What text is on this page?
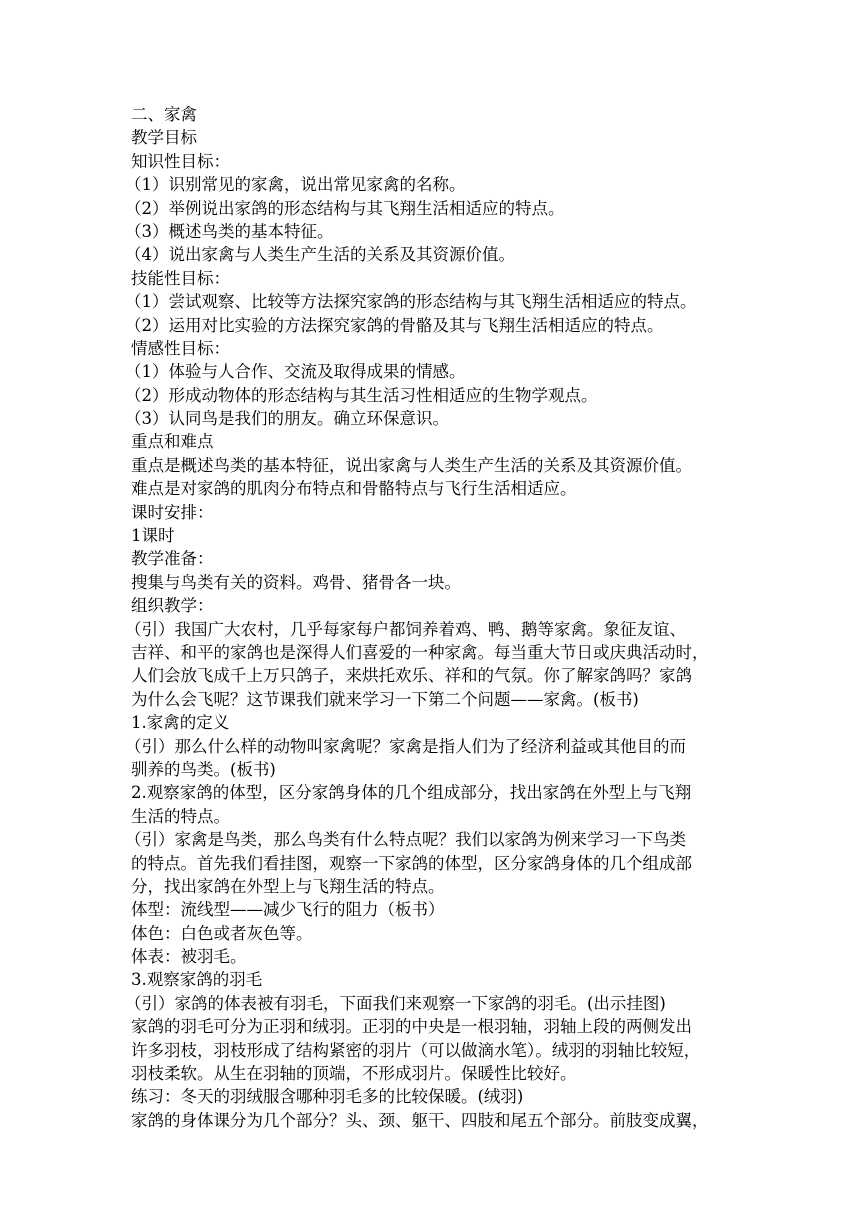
二、家禽
教学目标
知识性目标：
（1）识别常见的家禽，说出常见家禽的名称。
（2）举例说出家鸽的形态结构与其飞翔生活相适应的特点。
（3）概述鸟类的基本特征。
（4）说出家禽与人类生产生活的关系及其资源价值。
技能性目标：
（1）尝试观察、比较等方法探究家鸽的形态结构与其飞翔生活相适应的特点。
（2）运用对比实验的方法探究家鸽的骨骼及其与飞翔生活相适应的特点。
情感性目标：
（1）体验与人合作、交流及取得成果的情感。
（2）形成动物体的形态结构与其生活习性相适应的生物学观点。
（3）认同鸟是我们的朋友。确立环保意识。
重点和难点
重点是概述鸟类的基本特征，说出家禽与人类生产生活的关系及其资源价值。
难点是对家鸽的肌肉分布特点和骨骼特点与飞行生活相适应。
课时安排：
1课时
教学准备：
搜集与鸟类有关的资料。鸡骨、猪骨各一块。
组织教学：
（引）我国广大农村，几乎每家每户都饲养着鸡、鸭、鹅等家禽。象征友谊、
吉祥、和平的家鸽也是深得人们喜爱的一种家禽。每当重大节日或庆典活动时，
人们会放飞成千上万只鸽子，来烘托欢乐、祥和的气氛。你了解家鸽吗？家鸽
为什么会飞呢？这节课我们就来学习一下第二个问题——家禽。(板书)
1.家禽的定义
（引）那么什么样的动物叫家禽呢？家禽是指人们为了经济利益或其他目的而
驯养的鸟类。(板书)
2.观察家鸽的体型，区分家鸽身体的几个组成部分，找出家鸽在外型上与飞翔
生活的特点。
（引）家禽是鸟类，那么鸟类有什么特点呢？我们以家鸽为例来学习一下鸟类
的特点。首先我们看挂图，观察一下家鸽的体型，区分家鸽身体的几个组成部
分，找出家鸽在外型上与飞翔生活的特点。
体型：流线型——减少飞行的阻力（板书）
体色：白色或者灰色等。
体表：被羽毛。
3.观察家鸽的羽毛
（引）家鸽的体表被有羽毛，下面我们来观察一下家鸽的羽毛。(出示挂图)
家鸽的羽毛可分为正羽和绒羽。正羽的中央是一根羽轴，羽轴上段的两侧发出
许多羽枝，羽枝形成了结构紧密的羽片（可以做滴水笔）。绒羽的羽轴比较短，
羽枝柔软。从生在羽轴的顶端，不形成羽片。保暖性比较好。
练习：冬天的羽绒服含哪种羽毛多的比较保暖。(绒羽)
家鸽的身体课分为几个部分？头、颈、躯干、四肢和尾五个部分。前肢变成翼，
